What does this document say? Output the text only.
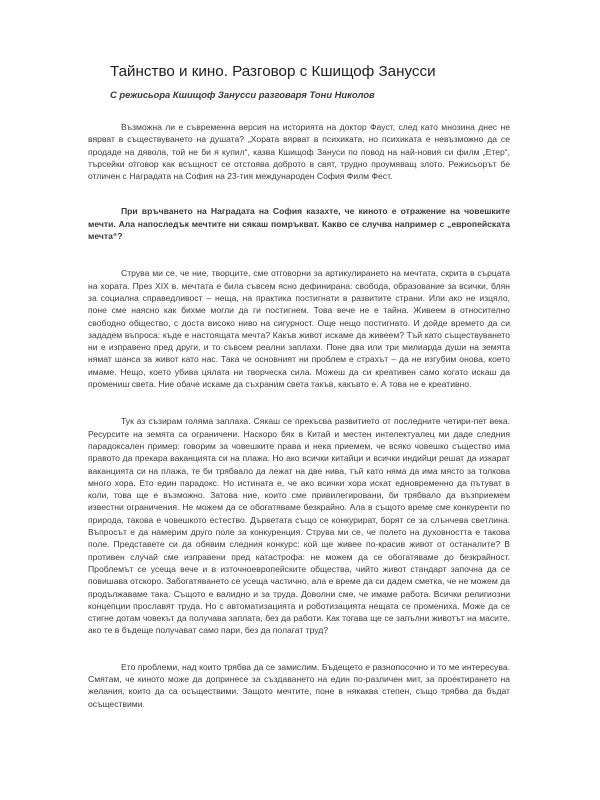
Тайнство и кино. Разговор с Кшищоф Занусси
С режисьора Кшищоф Занусси разговаря Тони Николов

Възможна ли е съвременна версия на историята на доктор Фауст, след като мнозина днес не вярват в съществуването на душата? „Хората вярват в психиката, но психиката е невъзможно да се продаде на дявола, той не би я купил“, казва Кшищоф Зануси по повод на най-новия си филм „Етер“, търсейки отговор как всъщност се отстоява доброто в свят, трудно проумяващ злото. Режисьорът бе отличен с Наградата на София на 23-тия международен София Филм Фест.

При връчването на Наградата на София казахте, че киното е отражение на човешките мечти. Ала напоследък мечтите ни сякаш помръкват. Какво се случва например с „европейската мечта“?

Струва ми се, че ние, творците, сме отговорни за артикулирането на мечтата, скрита в сърцата на хората. През XIX в. мечтата е била съвсем ясно дефинирана: свобода, образование за всички, блян за социална справедливост – неща, на практика постигнати в развитите страни. Или ако не изцяло, поне сме наясно как бихме могли да ги постигнем. Това вече не е тайна. Живеем в относително свободно общество, с доста високо ниво на сигурност. Още нещо постигнато. И дойде времето да си зададем въпроса: къде е настоящата мечта? Какъв живот искаме да живеем? Тъй като съществуването ни е изправено пред други, и то съвсем реални заплахи. Поне два или три милиарда души на земята нямат шанса за живот като нас. Така че основният ни проблем е страхът – да не изгубим онова, което имаме. Нещо, което убива цялата ни творческа сила. Можеш да си креативен само когато искаш да промениш света. Ние обаче искаме да съхраним света такъв, какъвто е. А това не е креативно.

Тук аз съзирам голяма заплаха. Сякаш се прекъсва развитието от последните четири-пет века. Ресурсите на земята са ограничени. Наскоро бях в Китай и местен интелектуалец ми даде следния парадоксален пример: говорим за човешките права и нека приемем, че всяко човешко същество има правото да прекара ваканцията си на плажа. Но ако всички китайци и всички индийци решат да изкарат ваканцията си на плажа, те би трябвало да лежат на две нива, тъй като няма да има място за толкова много хора. Ето един парадокс. Но истината е, че ако всички хора искат едновременно да пътуват в коли, това ще е възможно. Затова ние, които сме привилегировани, би трябвало да възприемем известни ограничения. Не можем да се обогатяваме безкрайно. Ала в същото време сме конкуренти по природа, такова е човешкото естество. Дърветата също се конкурират, борят се за слънчева светлина. Въпросът е да намерим друго поле за конкуренция. Струва ми се, че полето на духовността е такова поле. Представете си да обявим следния конкурс: кой ще живее по-красив живот от останалите? В противен случай сме изправени пред катастрофа: не можем да се обогатяваме до безкрайност. Проблемът се усеща вече и в източноевропейските общества, чийто живот стандарт започна да се повишава отскоро. Забогатяването се усеща частично, ала е време да си дадем сметка, че не можем да продължаваме така. Същото е валидно и за труда. Доволни сме, че имаме работа. Всички религиозни концепции прославят труда. Но с автоматизацията и роботизацията нещата се промениха. Може да се стигне дотам човекът да получава заплата, без да работи. Как тогава ще се запълни животът на масите, ако те в бъдеще получават само пари, без да полагат труд?

Ето проблеми, над които трябва да се замислим. Бъдещето е разнопосочно и то ме интересува. Смятам, че киното може да допринесе за създаването на един по-различен мит, за проектирането на желания, които да са осъществими. Защото мечтите, поне в някаква степен, също трябва да бъдат осъществими.
